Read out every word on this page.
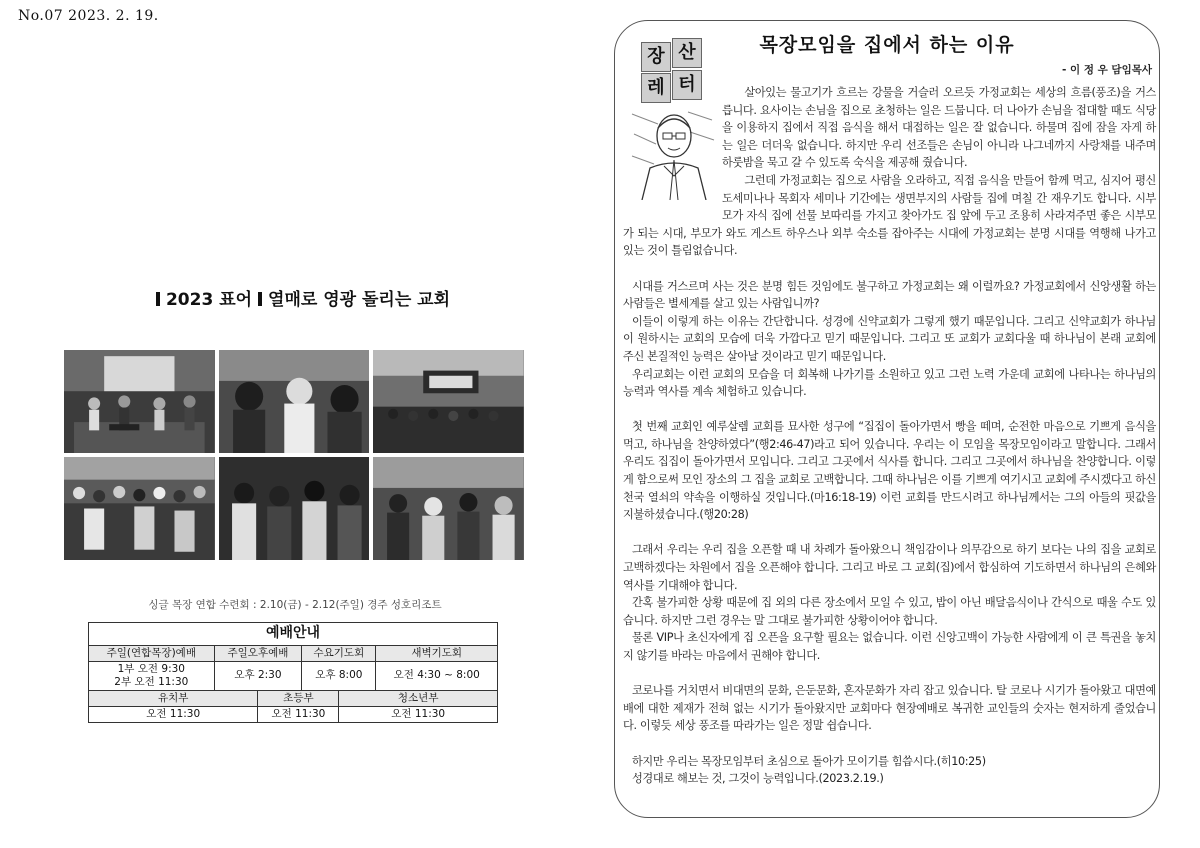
No.07 2023. 2. 19.
2023 표어 열매로 영광 돌리는 교회
싱글 목장 연합 수련회 : 2.10(금) - 2.12(주일) 경주 성호리조트
예배안내					
주일(연합목장)예배	주일오후예배		수요기도회		새벽기도회
1부 오전 9:30
2부 오전 11:30	오후 2:30		오후 8:00		오전 4:30 ~ 8:00
유치부		초등부		청소년부	
오전 11:30		오전 11:30		오전 11:30	
목장모임을 집에서 하는 이유
- 이 정 우 담임목사
장 산
레 터	살아있는 물고기가 흐르는 강물을 거슬러 오르듯 가정교회는 세상의 흐름(풍조)을 거스릅니다. 요사이는 손님을 집으로 초청하는 일은 드뭅니다. 더 나아가 손님을 접대할 때도 식당을 이용하지 집에서 직접 음식을 해서 대접하는 일은 잘 없습니다. 하물며 집에 잠을 자게 하는 일은 더더욱 없습니다. 하지만 우리 선조들은 손님이 아니라 나그네까지 사랑채를 내주며 하룻밤을 묵고 갈 수 있도록 숙식을 제공해 줬습니다.

그런데 가정교회는 집으로 사람을 오라하고, 직접 음식을 만들어 함께 먹고, 심지어 평신도세미나나 목회자 세미나 기간에는 생면부지의 사람들 집에 며칠 간 재우기도 합니다. 시부모가 자식 집에 선물 보따리를 가지고 찾아가도 집 앞에 두고 조용히 사라져주면 좋은 시부모가 되는 시대, 부모가 와도 게스트 하우스나 외부 숙소를 잡아주는 시대에 가정교회는 분명 시대를 역행해 나가고 있는 것이 틀림없습니다.

시대를 거스르며 사는 것은 분명 힘든 것임에도 불구하고 가정교회는 왜 이럴까요? 가정교회에서 신앙생활 하는 사람들은 별세계를 살고 있는 사람입니까?

이들이 이렇게 하는 이유는 간단합니다. 성경에 신약교회가 그렇게 했기 때문입니다. 그리고 신약교회가 하나님이 원하시는 교회의 모습에 더욱 가깝다고 믿기 때문입니다. 그리고 또 교회가 교회다울 때 하나님이 본래 교회에 주신 본질적인 능력은 살아날 것이라고 믿기 때문입니다.

우리교회는 이런 교회의 모습을 더 회복해 나가기를 소원하고 있고 그런 노력 가운데 교회에 나타나는 하나님의 능력과 역사를 계속 체험하고 있습니다.

첫 번째 교회인 예루살렘 교회를 묘사한 성구에 “집집이 돌아가면서 빵을 떼며, 순전한 마음으로 기쁘게 음식을 먹고, 하나님을 찬양하였다”(행2:46-47)라고 되어 있습니다. 우리는 이 모임을 목장모임이라고 말합니다. 그래서 우리도 집집이 돌아가면서 모입니다. 그리고 그곳에서 식사를 합니다. 그리고 그곳에서 하나님을 찬양합니다. 이렇게 함으로써 모인 장소의 그 집을 교회로 고백합니다. 그때 하나님은 이를 기쁘게 여기시고 교회에 주시겠다고 하신 천국 열쇠의 약속을 이행하실 것입니다.(마16:18-19) 이런 교회를 만드시려고 하나님께서는 그의 아들의 핏값을 지불하셨습니다.(행20:28)

그래서 우리는 우리 집을 오픈할 때 내 차례가 돌아왔으니 책임감이나 의무감으로 하기 보다는 나의 집을 교회로 고백하겠다는 차원에서 집을 오픈해야 합니다. 그리고 바로 그 교회(집)에서 합심하여 기도하면서 하나님의 은혜와 역사를 기대해야 합니다.

간혹 불가피한 상황 때문에 집 외의 다른 장소에서 모일 수 있고, 밥이 아닌 배달음식이나 간식으로 때울 수도 있습니다. 하지만 그런 경우는 말 그대로 불가피한 상황이어야 합니다.

물론 VIP나 초신자에게 집 오픈을 요구할 필요는 없습니다. 이런 신앙고백이 가능한 사람에게 이 큰 특권을 놓치지 않기를 바라는 마음에서 권해야 합니다.

코로나를 거치면서 비대면의 문화, 은둔문화, 혼자문화가 자리 잡고 있습니다. 탈 코로나 시기가 돌아왔고 대면예배에 대한 제재가 전혀 없는 시기가 돌아왔지만 교회마다 현장예배로 복귀한 교인들의 숫자는 현저하게 줄었습니다. 이렇듯 세상 풍조를 따라가는 일은 정말 쉽습니다.

하지만 우리는 목장모임부터 초심으로 돌아가 모이기를 힘씁시다.(히10:25)

성경대로 해보는 것, 그것이 능력입니다.(2023.2.19.)
